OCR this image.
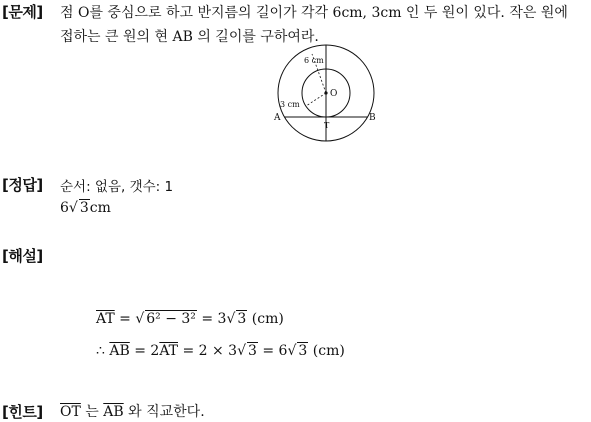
[문제] 점 O를 중심으로 하고 반지름의 길이가 각각 6cm, 3cm 인 두 원이 있다. 작은 원에
접하는 큰 원의 현 AB 의 길이를 구하여라.
6 cm
3 cm
O
A	B
T
[정답] 순서: 없음, 갯수: 1
6√ 3cm
[해설]
$\overline{AT}$ = √ 6² − 3² = 3√ 3 (cm)
∴ $\overline{AB} = 2\overline{AT} = 2 \times 3√$ 3 = 6√ 3 (cm)
[힌트] $\overline{OT}$ 는 $\overline{AB}$ 와 직교한다.
